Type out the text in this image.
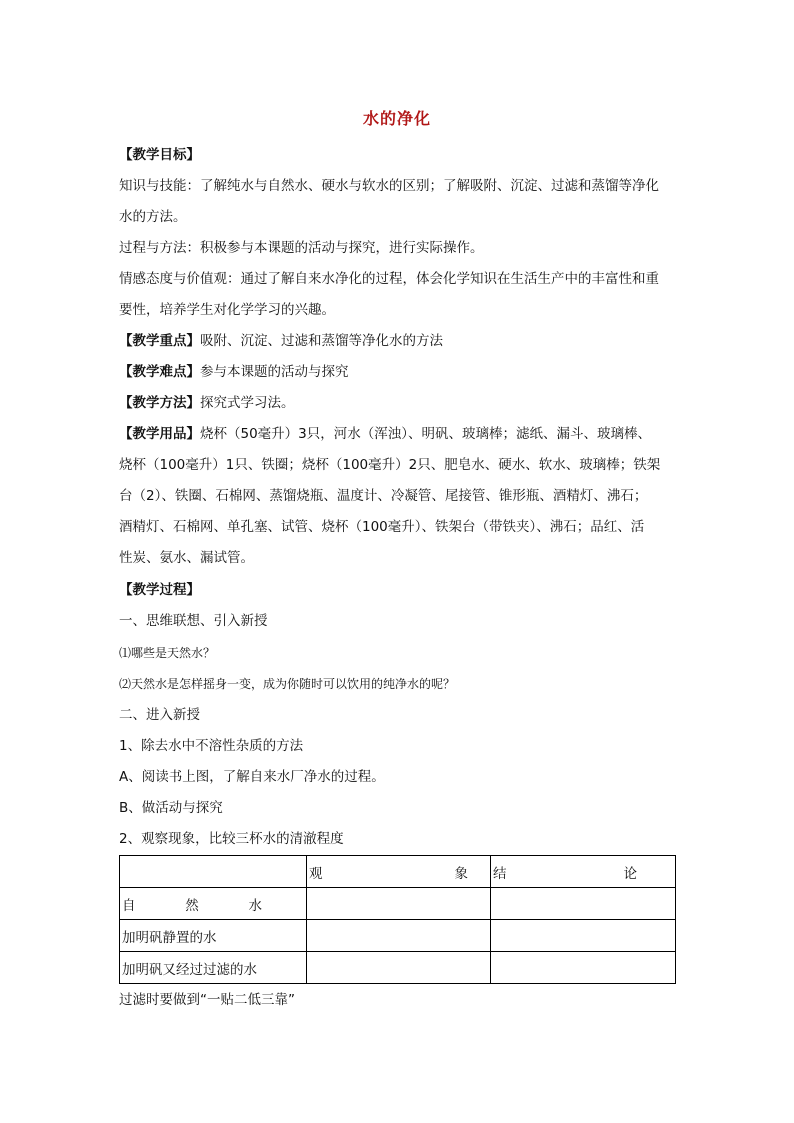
水的净化
【教学目标】
知识与技能：了解纯水与自然水、硬水与软水的区别；了解吸附、沉淀、过滤和蒸馏等净化
水的方法。
过程与方法：积极参与本课题的活动与探究，进行实际操作。
情感态度与价值观：通过了解自来水净化的过程，体会化学知识在生活生产中的丰富性和重
要性，培养学生对化学学习的兴趣。
【教学重点】吸附、沉淀、过滤和蒸馏等净化水的方法
【教学难点】参与本课题的活动与探究
【教学方法】探究式学习法。
【教学用品】烧杯（50毫升）3只，河水（浑浊）、明矾、玻璃棒；滤纸、漏斗、玻璃棒、
烧杯（100毫升）1只、铁圈；烧杯（100毫升）2只、肥皂水、硬水、软水、玻璃棒；铁架
台（2）、铁圈、石棉网、蒸馏烧瓶、温度计、冷凝管、尾接管、锥形瓶、酒精灯、沸石；
酒精灯、石棉网、单孔塞、试管、烧杯（100毫升）、铁架台（带铁夹）、沸石；品红、活
性炭、氨水、漏试管。
【教学过程】
一、思维联想、引入新授
⑴哪些是天然水？
⑵天然水是怎样摇身一变，成为你随时可以饮用的纯净水的呢？
二、进入新授
1、除去水中不溶性杂质的方法
A、阅读书上图，了解自来水厂净水的过程。
B、做活动与探究
2、观察现象，比较三杯水的清澈程度

	观 象	结 论

自 然 水		

加明矾静置的水		
加明矾又经过过滤的水		
过滤时要做到“一贴二低三靠”
